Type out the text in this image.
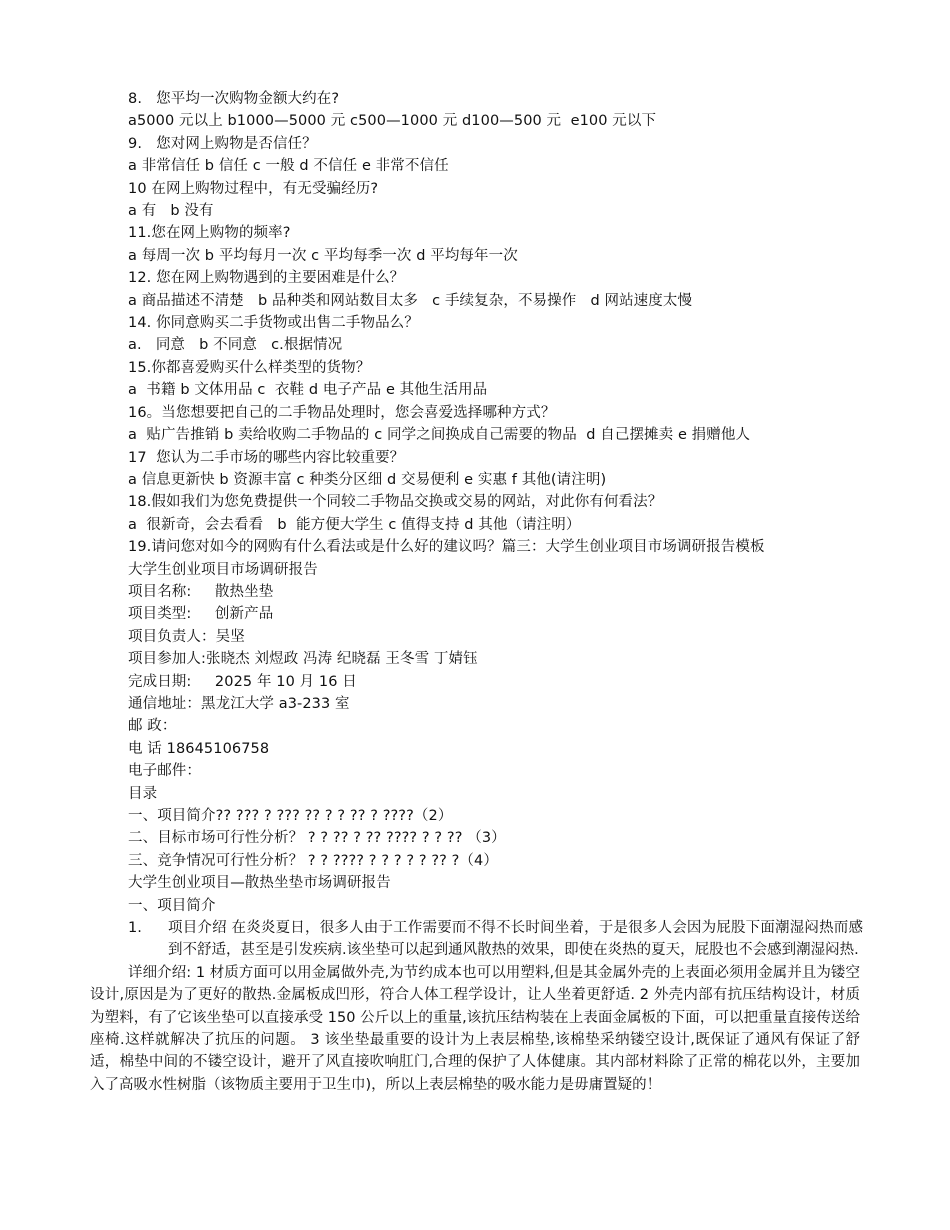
8.   您平均一次购物金额大约在?
a5000 元以上 b1000—5000 元 c500—1000 元 d100—500 元  e100 元以下
9.   您对网上购物是否信任？
a 非常信任 b 信任 c 一般 d 不信任 e 非常不信任
10 在网上购物过程中，有无受骗经历?
a 有   b 没有
11.您在网上购物的频率?
a 每周一次 b 平均每月一次 c 平均每季一次 d 平均每年一次
12. 您在网上购物遇到的主要困难是什么？
a 商品描述不清楚   b 品种类和网站数目太多   c 手续复杂，不易操作   d 网站速度太慢
14. 你同意购买二手货物或出售二手物品么？
a.   同意   b 不同意   c.根据情况
15.你都喜爱购买什么样类型的货物？
a  书籍 b 文体用品 c  衣鞋 d 电子产品 e 其他生活用品
16。当您想要把自己的二手物品处理时，您会喜爱选择哪种方式？
a  贴广告推销 b 卖给收购二手物品的 c 同学之间换成自己需要的物品  d 自己摆摊卖 e 捐赠他人
17  您认为二手市场的哪些内容比较重要？
a 信息更新快 b 资源丰富 c 种类分区细 d 交易便利 e 实惠 f 其他(请注明)
18.假如我们为您免费提供一个同较二手物品交换或交易的网站，对此你有何看法？
a  很新奇，会去看看   b  能方便大学生 c 值得支持 d 其他（请注明）
19.请问您对如今的网购有什么看法或是什么好的建议吗？篇三：大学生创业项目市场调研报告模板
大学生创业项目市场调研报告
项目名称:     散热坐垫
项目类型:     创新产品
项目负责人：吴坚
项目参加人:张晓杰 刘煜政 冯涛 纪晓磊 王冬雪 丁婧钰
完成日期:     2025 年 10 月 16 日
通信地址：黑龙江大学 a3-233 室
邮 政：
电 话 18645106758
电子邮件：
目录
一、项目简介?? ??? ? ??? ?? ? ? ?? ? ????（2）
二、目标市场可行性分析？ ? ? ?? ? ?? ???? ? ? ?? （3）
三、竞争情况可行性分析？ ? ? ???? ? ? ? ? ? ?? ?（4）
大学生创业项目—散热坐垫市场调研报告
一、项目简介
1. 项目介绍 在炎炎夏日，很多人由于工作需要而不得不长时间坐着，于是很多人会因为屁股下面潮湿闷热而感到不舒适，甚至是引发疾病.该坐垫可以起到通风散热的效果，即使在炎热的夏天，屁股也不会感到潮湿闷热.
详细介绍: 1 材质方面可以用金属做外壳,为节约成本也可以用塑料,但是其金属外壳的上表面必须用金属并且为镂空设计,原因是为了更好的散热.金属板成凹形，符合人体工程学设计，让人坐着更舒适. 2 外壳内部有抗压结构设计，材质为塑料，有了它该坐垫可以直接承受 150 公斤以上的重量,该抗压结构装在上表面金属板的下面，可以把重量直接传送给座椅.这样就解决了抗压的问题。 3 该坐垫最重要的设计为上表层棉垫,该棉垫采纳镂空设计,既保证了通风有保证了舒适，棉垫中间的不镂空设计，避开了风直接吹响肛门,合理的保护了人体健康。其内部材料除了正常的棉花以外，主要加入了高吸水性树脂（该物质主要用于卫生巾)，所以上表层棉垫的吸水能力是毋庸置疑的！
